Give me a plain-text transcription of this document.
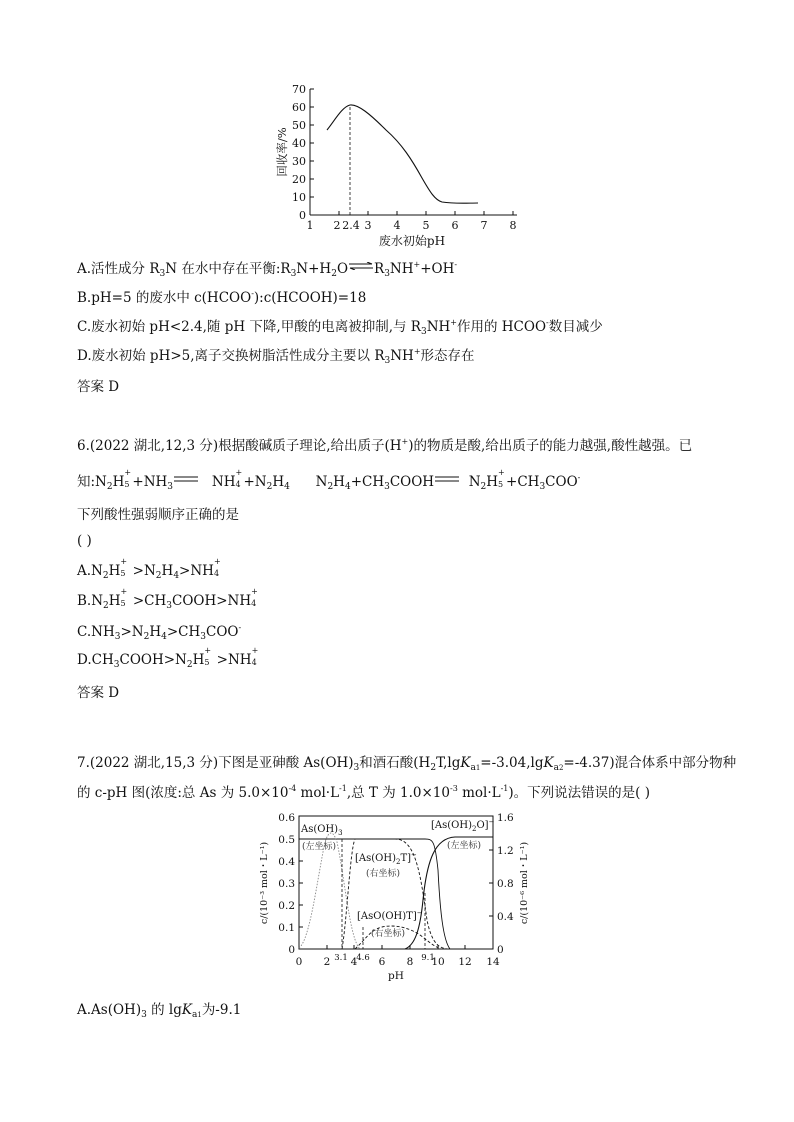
0
10
20
30
40
50
60
70
1 2 2.4 3 4 5 6 7 8
回收率/%
废水初始pH
A.活性成分 $R_3N$ 在水中存在平衡$:R_3N+H_2O\rightleftharpoons R_3NH^++OH^-$
B.pH=5 的废水中 c(HCOO-):c(HCOOH)=18
C.废水初始 pH<2.4,随 pH 下降,甲酸的电离被抑制,与 $R_3NH^+$作用的 HCOO-数目减少
D.废水初始 pH>5,离子交换树脂活性成分主要以 $R_3NH^+$形态存在
答案 D
6.(2022 湖北,12,3 分)根据酸碱质子理论,给出质子(H+)的物质是酸,给出质子的能力越强,酸性越强。已
知$:N_2H$
+
$5 +NH_3$	NH
+
$4 +N_2H_4$ $N_2H_4+CH_3COOH$	$N_2H$
+
$5 +CH_3COO^-$
下列酸性强弱顺序正确的是
( )
$A.N_2H$
+
$5 >N_2H_4>NH$
+
4
$B.N_2H$
+
$5 >CH_3COOH>NH$
+
4
$C.NH_3>N_2H_4>CH_3COO^-$
$D.CH_3COOH>N_2H$
+
5 >NH
+
4
答案 D
7.(2022 湖北,15,3 分)下图是亚砷酸 $As(OH)_3$和酒石酸$(H_2T,\lg K_{a1}=-3.04,\lg K_{a2}=-4.37)$混合体系中部分物种
的 c-pH 图(浓度:总 As 为 $5.0\times 10^{-4}$ $mol\cdot L^{-1}$,总 T 为 $1.0\times 10^{-3}$ $mol\cdot L^{-1}$)。下列说法错误的是( )
0
0.1
0.2
0.3
0.4
0.5
0.6
0
0.4
0.8
1.2
1.6
0 2 4 6 8 10 12 14
pH
c/(10⁻³ mol・L⁻¹)	c/(10⁻⁶ mol・L⁻¹)
3.1 4.6	9.1
$As(OH)_3$
(左坐标)
$[As(OH)_2T]^-$
(右坐标)
$[As(OH)_2O]^-$
(左坐标)
[AsO(OH)T]−
(右坐标)
$A.As(OH)_3$ 的 lgK$_{a1}$为-9.1
